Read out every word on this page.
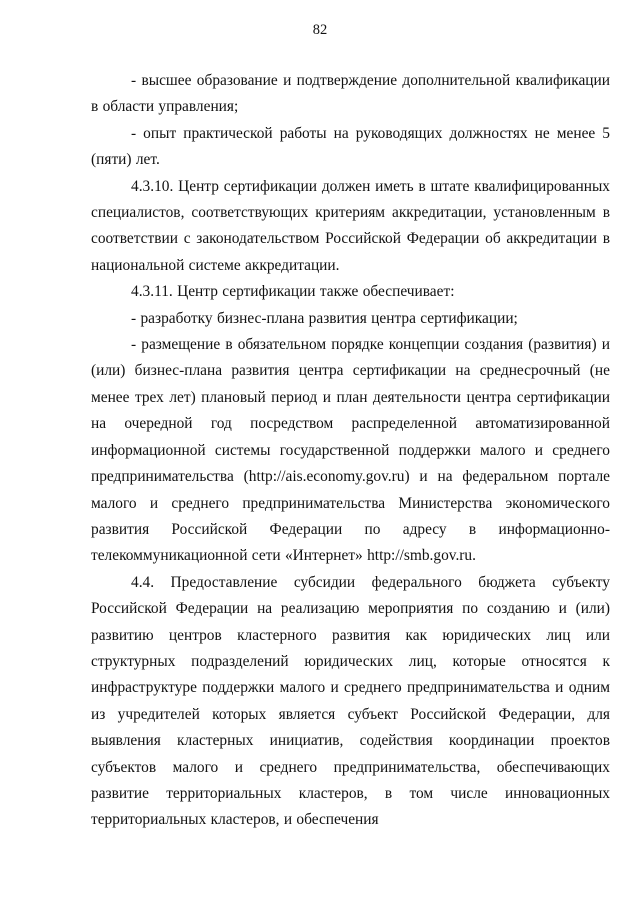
82

- высшее образование и подтверждение дополнительной квалификации в области управления;

- опыт практической работы на руководящих должностях не менее 5 (пяти) лет.

4.3.10. Центр сертификации должен иметь в штате квалифицированных специалистов, соответствующих критериям аккредитации, установленным в соответствии с законодательством Российской Федерации об аккредитации в национальной системе аккредитации.

4.3.11. Центр сертификации также обеспечивает:

- разработку бизнес-плана развития центра сертификации;

- размещение в обязательном порядке концепции создания (развития) и (или) бизнес-плана развития центра сертификации на среднесрочный (не менее трех лет) плановый период и план деятельности центра сертификации на очередной год посредством распределенной автоматизированной информационной системы государственной поддержки малого и среднего предпринимательства (http://ais.economy.gov.ru) и на федеральном портале малого и среднего предпринимательства Министерства экономического развития Российской Федерации по адресу в информационно-телекоммуникационной сети «Интернет» http://smb.gov.ru.

4.4. Предоставление субсидии федерального бюджета субъекту Российской Федерации на реализацию мероприятия по созданию и (или) развитию центров кластерного развития как юридических лиц или структурных подразделений юридических лиц, которые относятся к инфраструктуре поддержки малого и среднего предпринимательства и одним из учредителей которых является субъект Российской Федерации, для выявления кластерных инициатив, содействия координации проектов субъектов малого и среднего предпринимательства, обеспечивающих развитие территориальных кластеров, в том числе инновационных территориальных кластеров, и обеспечения
